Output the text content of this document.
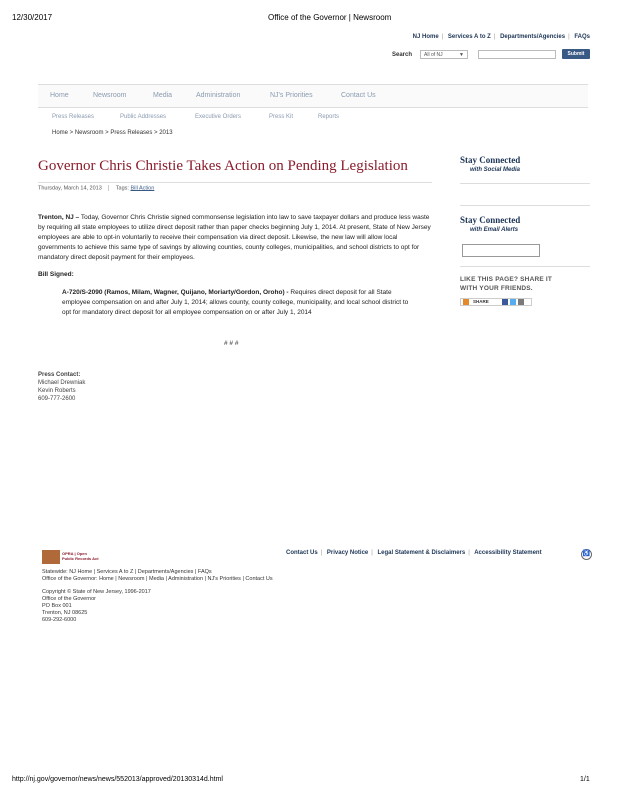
12/30/2017	Office of the Governor | Newsroom
NJ Home | Services A to Z | Departments/Agencies | FAQs
Search	All of NJ	▼	Submit
Home	Newsroom	Media	Administration	NJ's Priorities	Contact Us
Press Releases	Public Addresses	Executive Orders	Press Kit	Reports
Home > Newsroom > Press Releases > 2013
Governor Chris Christie Takes Action on Pending Legislation
Thursday, March 14, 2013	Tags: Bill Action
Trenton, NJ – Today, Governor Chris Christie signed commonsense legislation into law to save taxpayer dollars and produce less waste by requiring all state employees to utilize direct deposit rather than paper checks beginning July 1, 2014. At present, State of New Jersey employees are able to opt-in voluntarily to receive their compensation via direct deposit. Likewise, the new law will allow local governments to achieve this same type of savings by allowing counties, county colleges, municipalities, and school districts to opt for mandatory direct deposit payment for their employees.
Bill Signed:
A-720/S-2090 (Ramos, Milam, Wagner, Quijano, Moriarty/Gordon, Oroho) - Requires direct deposit for all State employee compensation on and after July 1, 2014; allows county, county college, municipality, and local school district to opt for mandatory direct deposit for all employee compensation on or after July 1, 2014
# # #
Press Contact:
Michael Drewniak
Kevin Roberts
609-777-2600
Stay Connected
with Social Media
Stay Connected
with Email Alerts
LIKE THIS PAGE? SHARE IT
WITH YOUR FRIENDS.
SHARE
OPRA | Open
Public Records Act
Contact Us | Privacy Notice | Legal Statement & Disclaimers | Accessibility Statement	♿
Statewide: NJ Home | Services A to Z | Departments/Agencies | FAQs
Office of the Governor: Home | Newsroom | Media | Administration | NJ's Priorities | Contact Us
Copyright © State of New Jersey, 1996-2017
Office of the Governor
PO Box 001
Trenton, NJ 08625
609-292-6000
http://nj.gov/governor/news/news/552013/approved/20130314d.html	1/1
